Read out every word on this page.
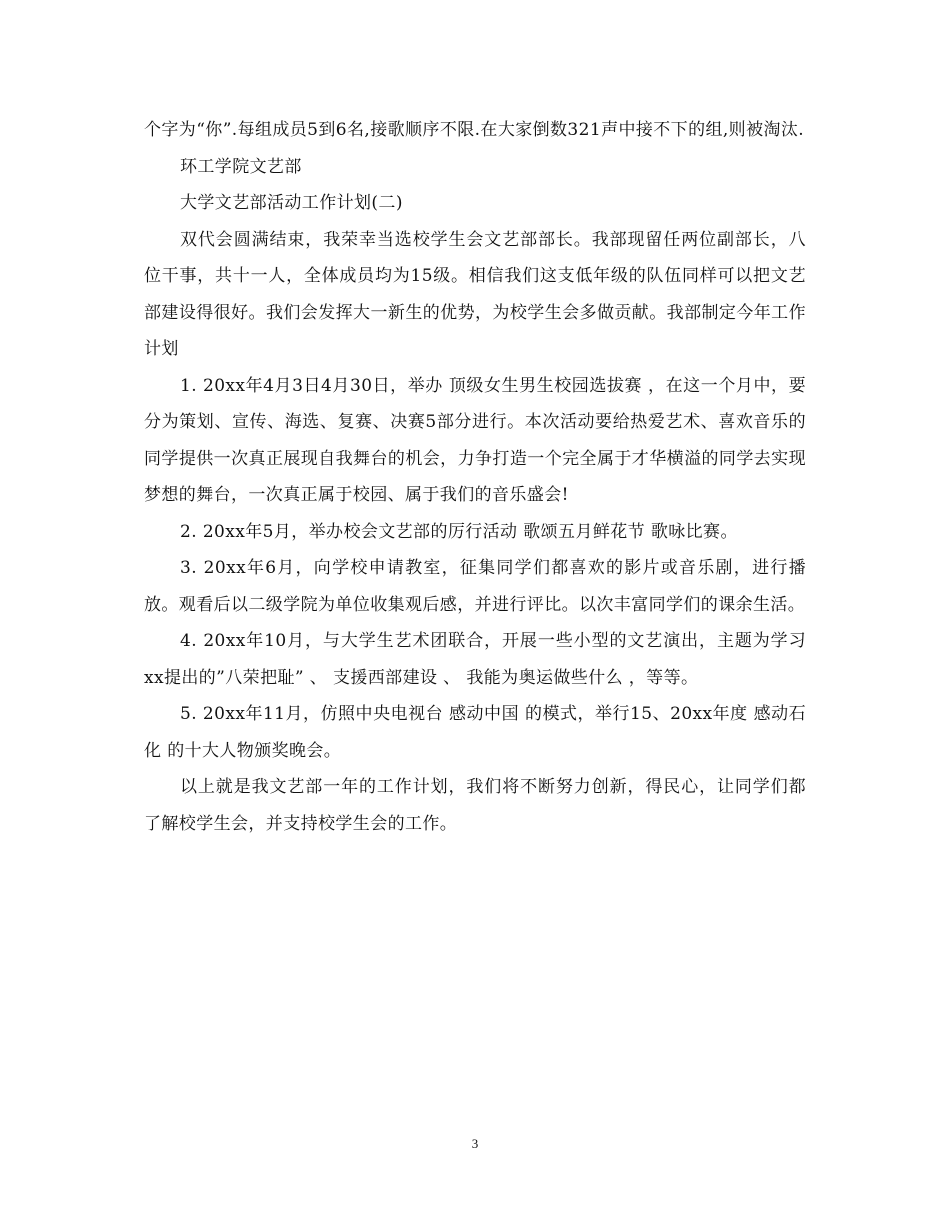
个字为“你”.每组成员5到6名,接歌顺序不限.在大家倒数321声中接不下的组,则被淘汰.

环工学院文艺部

大学文艺部活动工作计划(二)

双代会圆满结束，我荣幸当选校学生会文艺部部长。我部现留任两位副部长，八位干事，共十一人，全体成员均为15级。相信我们这支低年级的队伍同样可以把文艺部建设得很好。我们会发挥大一新生的优势，为校学生会多做贡献。我部制定今年工作计划

1. 20xx年4月3日4月30日，举办 顶级女生男生校园选拔赛 ，在这一个月中，要分为策划、宣传、海选、复赛、决赛5部分进行。本次活动要给热爱艺术、喜欢音乐的同学提供一次真正展现自我舞台的机会，力争打造一个完全属于才华横溢的同学去实现梦想的舞台，一次真正属于校园、属于我们的音乐盛会!

2. 20xx年5月，举办校会文艺部的厉行活动 歌颂五月鲜花节 歌咏比赛。

3. 20xx年6月，向学校申请教室，征集同学们都喜欢的影片或音乐剧，进行播放。观看后以二级学院为单位收集观后感，并进行评比。以次丰富同学们的课余生活。

4. 20xx年10月，与大学生艺术团联合，开展一些小型的文艺演出，主题为学习xx提出的”八荣把耻” 、 支援西部建设 、 我能为奥运做些什么 ，等等。

5. 20xx年11月，仿照中央电视台 感动中国 的模式，举行15、20xx年度 感动石化 的十大人物颁奖晚会。

以上就是我文艺部一年的工作计划，我们将不断努力创新，得民心，让同学们都了解校学生会，并支持校学生会的工作。

3
